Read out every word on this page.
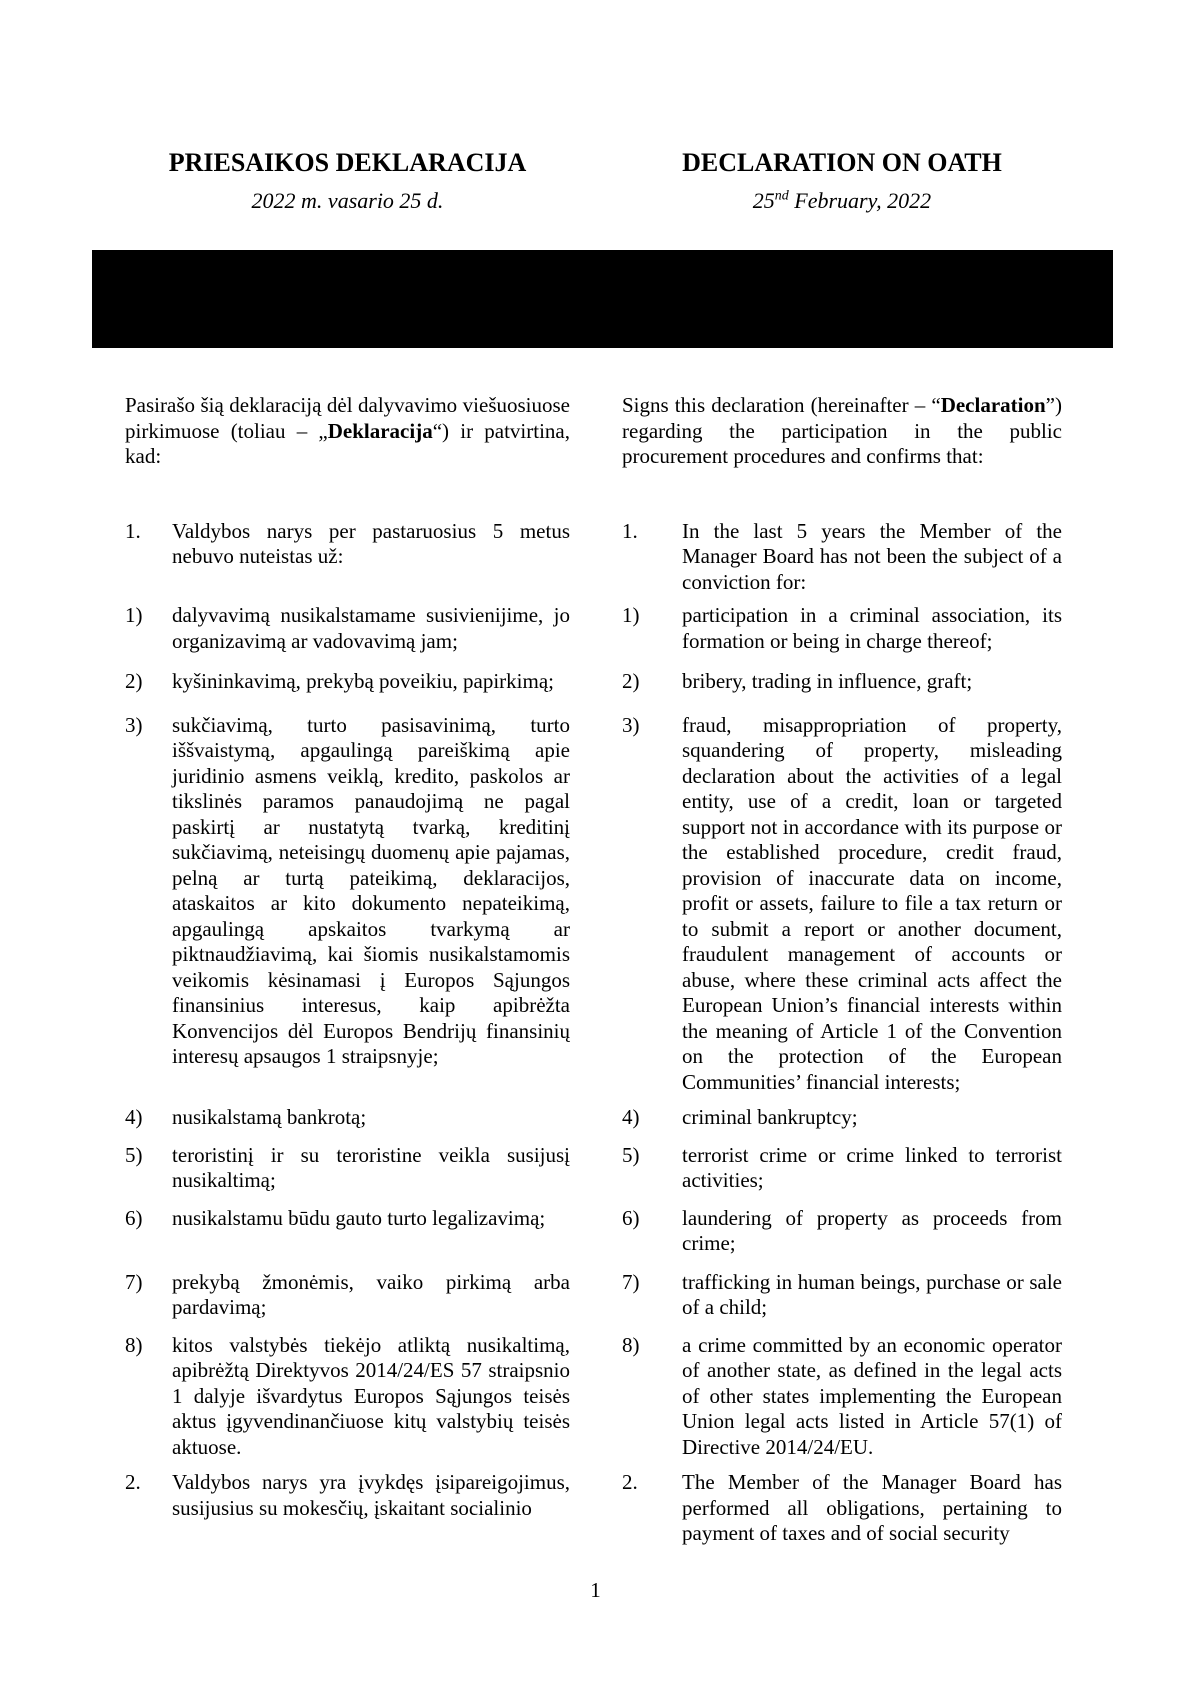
PRIESAIKOS DEKLARACIJA	DECLARATION ON OATH
2022 m. vasario 25 d.	25nd February, 2022
Pasirašo šią deklaraciją dėl dalyvavimo viešuosiuose pirkimuose (toliau – „Deklaracija“) ir patvirtina, kad:
Signs this declaration (hereinafter – “Declaration”) regarding the participation in the public procurement procedures and confirms that:
1.	Valdybos narys per pastaruosius 5 metus nebuvo nuteistas už:
1.	In the last 5 years the Member of the Manager Board has not been the subject of a conviction for:
1)	dalyvavimą nusikalstamame susivienijime, jo organizavimą ar vadovavimą jam;
1)	participation in a criminal association, its formation or being in charge thereof;
2)	kyšininkavimą, prekybą poveikiu, papirkimą;	2)	bribery, trading in influence, graft;
3)	sukčiavimą, turto pasisavinimą, turto iššvaistymą, apgaulingą pareiškimą apie juridinio asmens veiklą, kredito, paskolos ar tikslinės paramos panaudojimą ne pagal paskirtį ar nustatytą tvarką, kreditinį sukčiavimą, neteisingų duomenų apie pajamas, pelną ar turtą pateikimą, deklaracijos, ataskaitos ar kito dokumento nepateikimą, apgaulingą apskaitos tvarkymą ar piktnaudžiavimą, kai šiomis nusikalstamomis veikomis kėsinamasi į Europos Sąjungos finansinius interesus, kaip apibrėžta Konvencijos dėl Europos Bendrijų finansinių interesų apsaugos 1 straipsnyje;
3)	fraud, misappropriation of property, squandering of property, misleading declaration about the activities of a legal entity, use of a credit, loan or targeted support not in accordance with its purpose or the established procedure, credit fraud, provision of inaccurate data on income, profit or assets, failure to file a tax return or to submit a report or another document, fraudulent management of accounts or abuse, where these criminal acts affect the European Union’s financial interests within the meaning of Article 1 of the Convention on the protection of the European Communities’ financial interests;
4)	nusikalstamą bankrotą;	4)	criminal bankruptcy;
5)	teroristinį ir su teroristine veikla susijusį nusikaltimą;
5)	terrorist crime or crime linked to terrorist activities;
6)	nusikalstamu būdu gauto turto legalizavimą;	6)	laundering of property as proceeds from crime;
7)	prekybą žmonėmis, vaiko pirkimą arba pardavimą;
7)	trafficking in human beings, purchase or sale of a child;
8)	kitos valstybės tiekėjo atliktą nusikaltimą, apibrėžtą Direktyvos 2014/24/ES 57 straipsnio 1 dalyje išvardytus Europos Sąjungos teisės aktus įgyvendinančiuose kitų valstybių teisės aktuose.
8)	a crime committed by an economic operator of another state, as defined in the legal acts of other states implementing the European Union legal acts listed in Article 57(1) of Directive 2014/24/EU.
2.	Valdybos narys yra įvykdęs įsipareigojimus, susijusius su mokesčių, įskaitant socialinio
2.	The Member of the Manager Board has performed all obligations, pertaining to payment of taxes and of social security
1
